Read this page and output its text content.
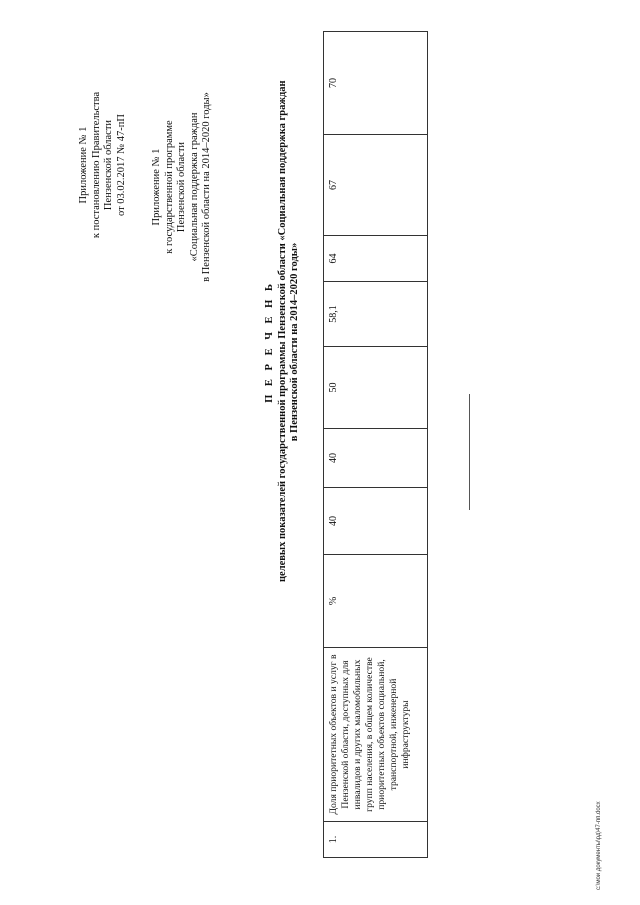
Приложение № 1 к постановлению Правительства Пензенской области от 03.02.2017 № 47-пП Приложение № 1 к государственной программе Пензенской области «Социальная поддержка граждан в Пензенской области на 2014–2020 годы»
П Е Р Е Ч Е Н Ь целевых показателей государственной программы Пензенской области «Социальная поддержка граждан в Пензенской области на 2014–2020 годы»
1.	Доля приоритетных объектов и услуг в Пензенской области, доступных для инвалидов и других маломобильных групп населения, в общем количестве приоритетных объектов социальной, транспортной, инженерной инфраструктуры	%	40	40	50	58,1	64	67	70
c:\мои документы\рд\47-пп.docx
